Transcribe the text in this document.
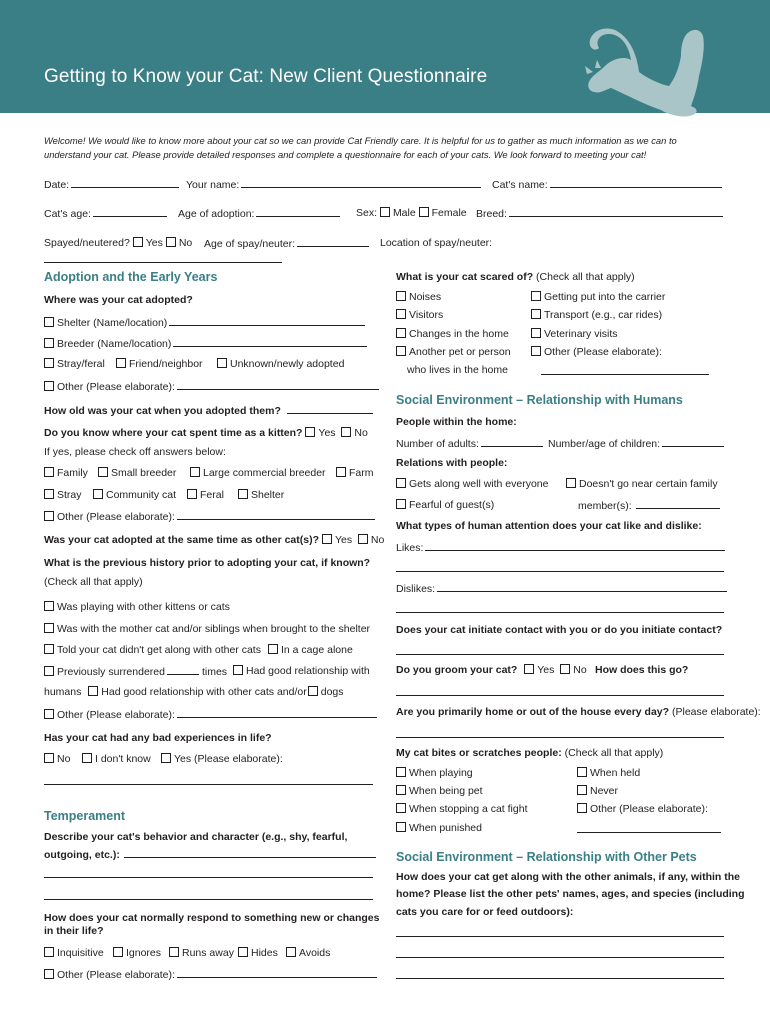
Getting to Know your Cat: New Client Questionnaire
Welcome! We would like to know more about your cat so we can provide Cat Friendly care. It is helpful for us to gather as much information as we can to
understand your cat. Please provide detailed responses and complete a questionnaire for each of your cats. We look forward to meeting your cat!
Date:	Your name:	Cat's name:
Cat's age:	Age of adoption:	Sex: Male Female Breed:
Spayed/neutered? Yes No Age of spay/neuter:	Location of spay/neuter:
Adoption and the Early Years
Where was your cat adopted?
Shelter (Name/location)
Breeder (Name/location)
Stray/feral	Friend/neighbor	Unknown/newly adopted
Other (Please elaborate):
How old was your cat when you adopted them?
Do you know where your cat spent time as a kitten? Yes No
If yes, please check off answers below:
Family	Small breeder	Large commercial breeder	Farm
Stray	Community cat	Feral	Shelter
Other (Please elaborate):
Was your cat adopted at the same time as other cat(s)? Yes No
What is the previous history prior to adopting your cat, if known?
(Check all that apply)
Was playing with other kittens or cats
Was with the mother cat and/or siblings when brought to the shelter
Told your cat didn't get along with other cats	In a cage alone
Previously surrendered	times	Had good relationship with
humans Had good relationship with other cats and/or dogs
Other (Please elaborate):
Has your cat had any bad experiences in life?
No	I don't know	Yes (Please elaborate):
Temperament
Describe your cat's behavior and character (e.g., shy, fearful,
outgoing, etc.):
How does your cat normally respond to something new or changes
in their life?
Inquisitive	Ignores	Runs away	Hides	Avoids
Other (Please elaborate):
What is your cat scared of? (Check all that apply)
Noises	Getting put into the carrier
Visitors	Transport (e.g., car rides)
Changes in the home	Veterinary visits
Another pet or person	Other (Please elaborate):
who lives in the home
Social Environment – Relationship with Humans
People within the home:
Number of adults:	Number/age of children:
Relations with people:
Gets along well with everyone	Doesn't go near certain family
Fearful of guest(s)	member(s):
What types of human attention does your cat like and dislike:
Likes:
Dislikes:
Does your cat initiate contact with you or do you initiate contact?
Do you groom your cat? Yes No How does this go?
Are you primarily home or out of the house every day? (Please elaborate):
My cat bites or scratches people: (Check all that apply)
When playing	When held
When being pet	Never
When stopping a cat fight	Other (Please elaborate):
When punished
Social Environment – Relationship with Other Pets
How does your cat get along with the other animals, if any, within the
home? Please list the other pets' names, ages, and species (including
cats you care for or feed outdoors):
